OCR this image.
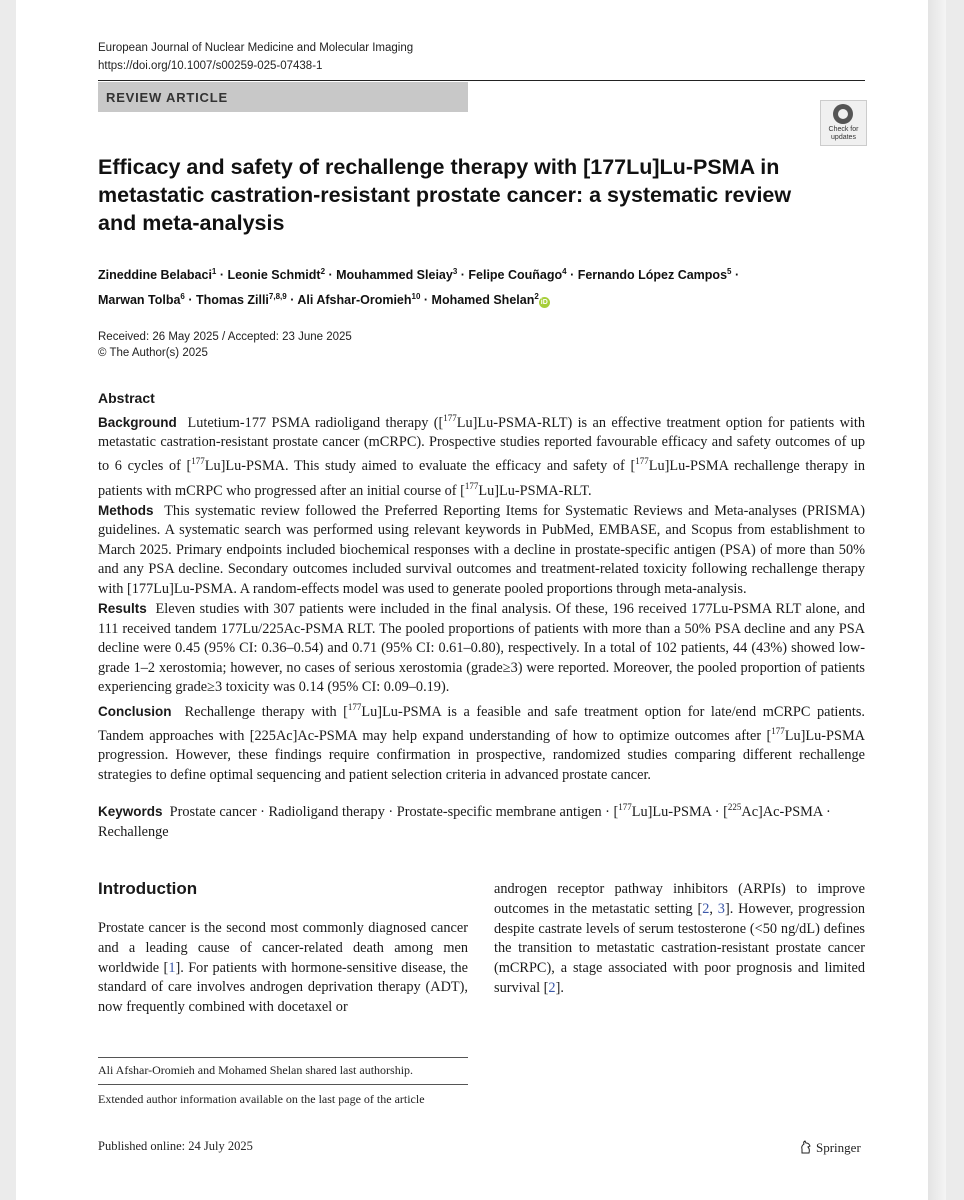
European Journal of Nuclear Medicine and Molecular Imaging
https://doi.org/10.1007/s00259-025-07438-1
REVIEW ARTICLE
Check for
updates
Efficacy and safety of rechallenge therapy with [177Lu]Lu-PSMA in metastatic castration-resistant prostate cancer: a systematic review and meta-analysis
Zineddine Belabaci$^1$ · Leonie Schmidt$^2$ · Mouhammed Sleiay$^3$ · Felipe Couñago$^4$ · Fernando López Campos$^5$ ·
Marwan Tolba$^6$ · Thomas Zilli$^{7,8,9}$ · Ali Afshar-Oromieh$^{10}$ · Mohamed Shelan$^2$iD
Received: 26 May 2025 / Accepted: 23 June 2025
© The Author(s) 2025
Abstract

Background  Lutetium-177 PSMA radioligand therapy ([$^{177}$Lu]Lu-PSMA-RLT) is an effective treatment option for patients with metastatic castration-resistant prostate cancer (mCRPC). Prospective studies reported favourable efficacy and safety outcomes of up to 6 cycles of [$^{177}$Lu]Lu-PSMA. This study aimed to evaluate the efficacy and safety of [$^{177}$Lu]Lu-PSMA rechallenge therapy in patients with mCRPC who progressed after an initial course of [$^{177}$Lu]Lu-PSMA-RLT.

Methods This systematic review followed the Preferred Reporting Items for Systematic Reviews and Meta-analyses (PRISMA) guidelines. A systematic search was performed using relevant keywords in PubMed, EMBASE, and Scopus from establishment to March 2025. Primary endpoints included biochemical responses with a decline in prostate-specific antigen (PSA) of more than 50% and any PSA decline. Secondary outcomes included survival outcomes and treatment-related toxicity following rechallenge therapy with [177Lu]Lu-PSMA. A random-effects model was used to generate pooled proportions through meta-analysis.

Results Eleven studies with 307 patients were included in the final analysis. Of these, 196 received 177Lu-PSMA RLT alone, and 111 received tandem 177Lu/225Ac-PSMA RLT. The pooled proportions of patients with more than a 50% PSA decline and any PSA decline were 0.45 (95% CI: 0.36–0.54) and 0.71 (95% CI: 0.61–0.80), respectively. In a total of 102 patients, 44 (43%) showed low-grade 1–2 xerostomia; however, no cases of serious xerostomia (grade≥3) were reported. Moreover, the pooled proportion of patients experiencing grade≥3 toxicity was 0.14 (95% CI: 0.09–0.19).

Conclusion  Rechallenge therapy with [$^{177}$Lu]Lu-PSMA is a feasible and safe treatment option for late/end mCRPC patients. Tandem approaches with [225Ac]Ac-PSMA may help expand understanding of how to optimize outcomes after [$^{177}$Lu]Lu-PSMA progression. However, these findings require confirmation in prospective, randomized studies comparing different rechallenge strategies to define optimal sequencing and patient selection criteria in advanced prostate cancer.

Keywords  Prostate cancer · Radioligand therapy · Prostate-specific membrane antigen · [$^{177}$Lu]Lu-PSMA · [$^{225}$Ac]Ac-PSMA · Rechallenge
Introduction

Prostate cancer is the second most commonly diagnosed cancer and a leading cause of cancer-related death among men worldwide [1]. For patients with hormone-sensitive disease, the standard of care involves androgen deprivation therapy (ADT), now frequently combined with docetaxel or

androgen receptor pathway inhibitors (ARPIs) to improve outcomes in the metastatic setting [2, 3]. However, progression despite castrate levels of serum testosterone (<50 ng/dL) defines the transition to metastatic castration-resistant prostate cancer (mCRPC), a stage associated with poor prognosis and limited survival [2].

Ali Afshar-Oromieh and Mohamed Shelan shared last authorship.
Extended author information available on the last page of the article
Published online: 24 July 2025	Springer
